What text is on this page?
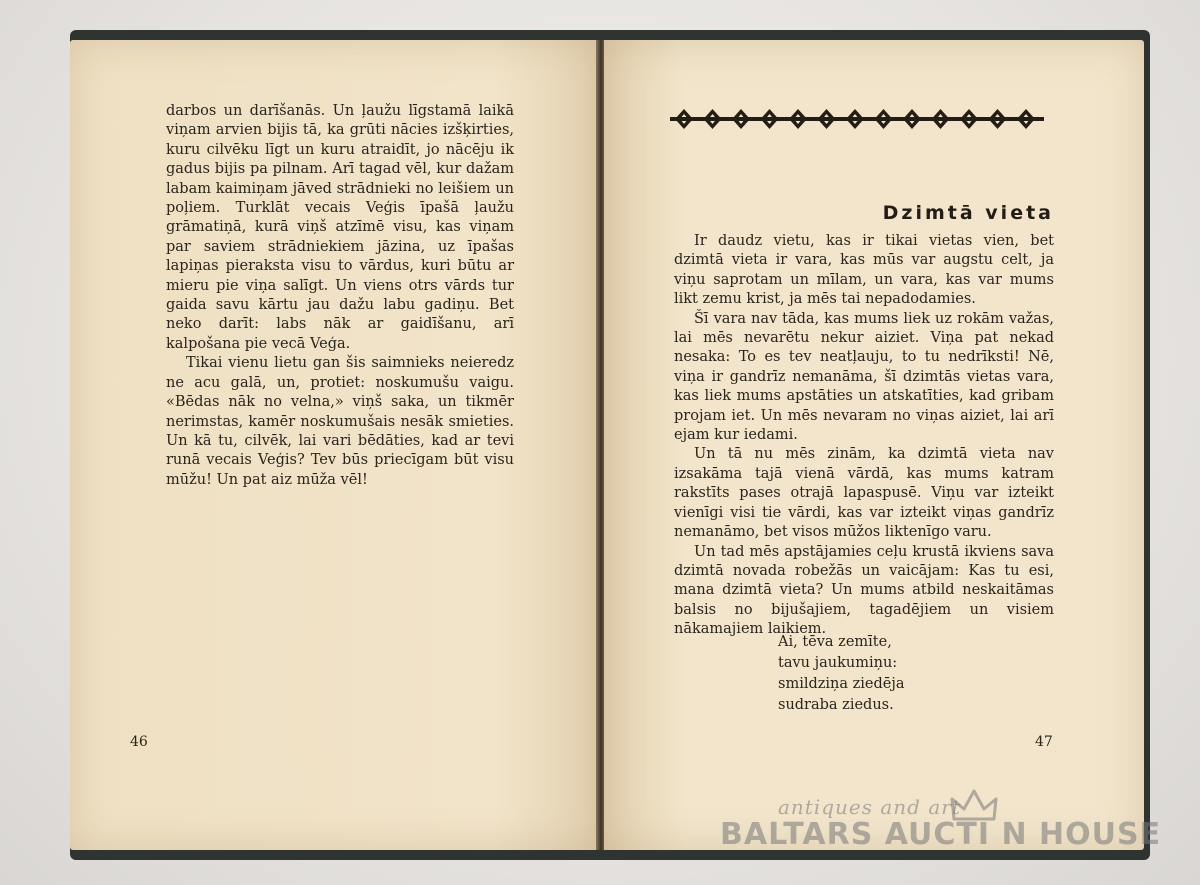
darbos un darīšanās. Un ļaužu līgstamā laikā viņam arvien bijis tā, ka grūti nācies izšķirties, kuru cilvēku līgt un kuru atraidīt, jo nācēju ik gadus bijis pa pilnam. Arī tagad vēl, kur dažam labam kaimiņam jāved strādnieki no leišiem un poļiem. Turklāt vecais Veģis īpašā ļaužu grāmatiņā, kurā viņš atzīmē visu, kas viņam par saviem strādniekiem jāzina, uz īpašas lapiņas pieraksta visu to vārdus, kuri būtu ar mieru pie viņa salīgt. Un viens otrs vārds tur gaida savu kārtu jau dažu labu gadiņu. Bet neko darīt: labs nāk ar gaidīšanu, arī kalpošana pie vecā Veģa.

Tikai vienu lietu gan šis saimnieks neieredz ne acu galā, un, protiet: noskumušu vaigu. «Bēdas nāk no velna,» viņš saka, un tikmēr nerimstas, kamēr noskumušais nesāk smieties. Un kā tu, cilvēk, lai vari bēdāties, kad ar tevi runā vecais Veģis? Tev būs priecīgam būt visu mūžu! Un pat aiz mūža vēl!

46
Dzimtā vieta

Ir daudz vietu, kas ir tikai vietas vien, bet dzimtā vieta ir vara, kas mūs var augstu celt, ja viņu saprotam un mīlam, un vara, kas var mums likt zemu krist, ja mēs tai nepadodamies.

Šī vara nav tāda, kas mums liek uz rokām važas, lai mēs nevarētu nekur aiziet. Viņa pat nekad nesaka: To es tev neatļauju, to tu nedrīksti! Nē, viņa ir gandrīz nemanāma, šī dzimtās vietas vara, kas liek mums apstāties un atskatīties, kad gribam projam iet. Un mēs nevaram no viņas aiziet, lai arī ejam kur iedami.

Un tā nu mēs zinām, ka dzimtā vieta nav izsakāma tajā vienā vārdā, kas mums katram rakstīts pases otrajā lapaspusē. Viņu var izteikt vienīgi visi tie vārdi, kas var izteikt viņas gandrīz nemanāmo, bet visos mūžos liktenīgo varu.

Un tad mēs apstājamies ceļu krustā ikviens sava dzimtā novada robežās un vaicājam: Kas tu esi, mana dzimtā vieta? Un mums atbild neskaitāmas balsis no bijušajiem, tagadējiem un visiem nākamajiem laikiem.

Ai, tēva zemīte,
tavu jaukumiņu:
smildziņa ziedēja
sudraba ziedus.
47
antiques and art
BALTARS AUCTI N HOUSE
